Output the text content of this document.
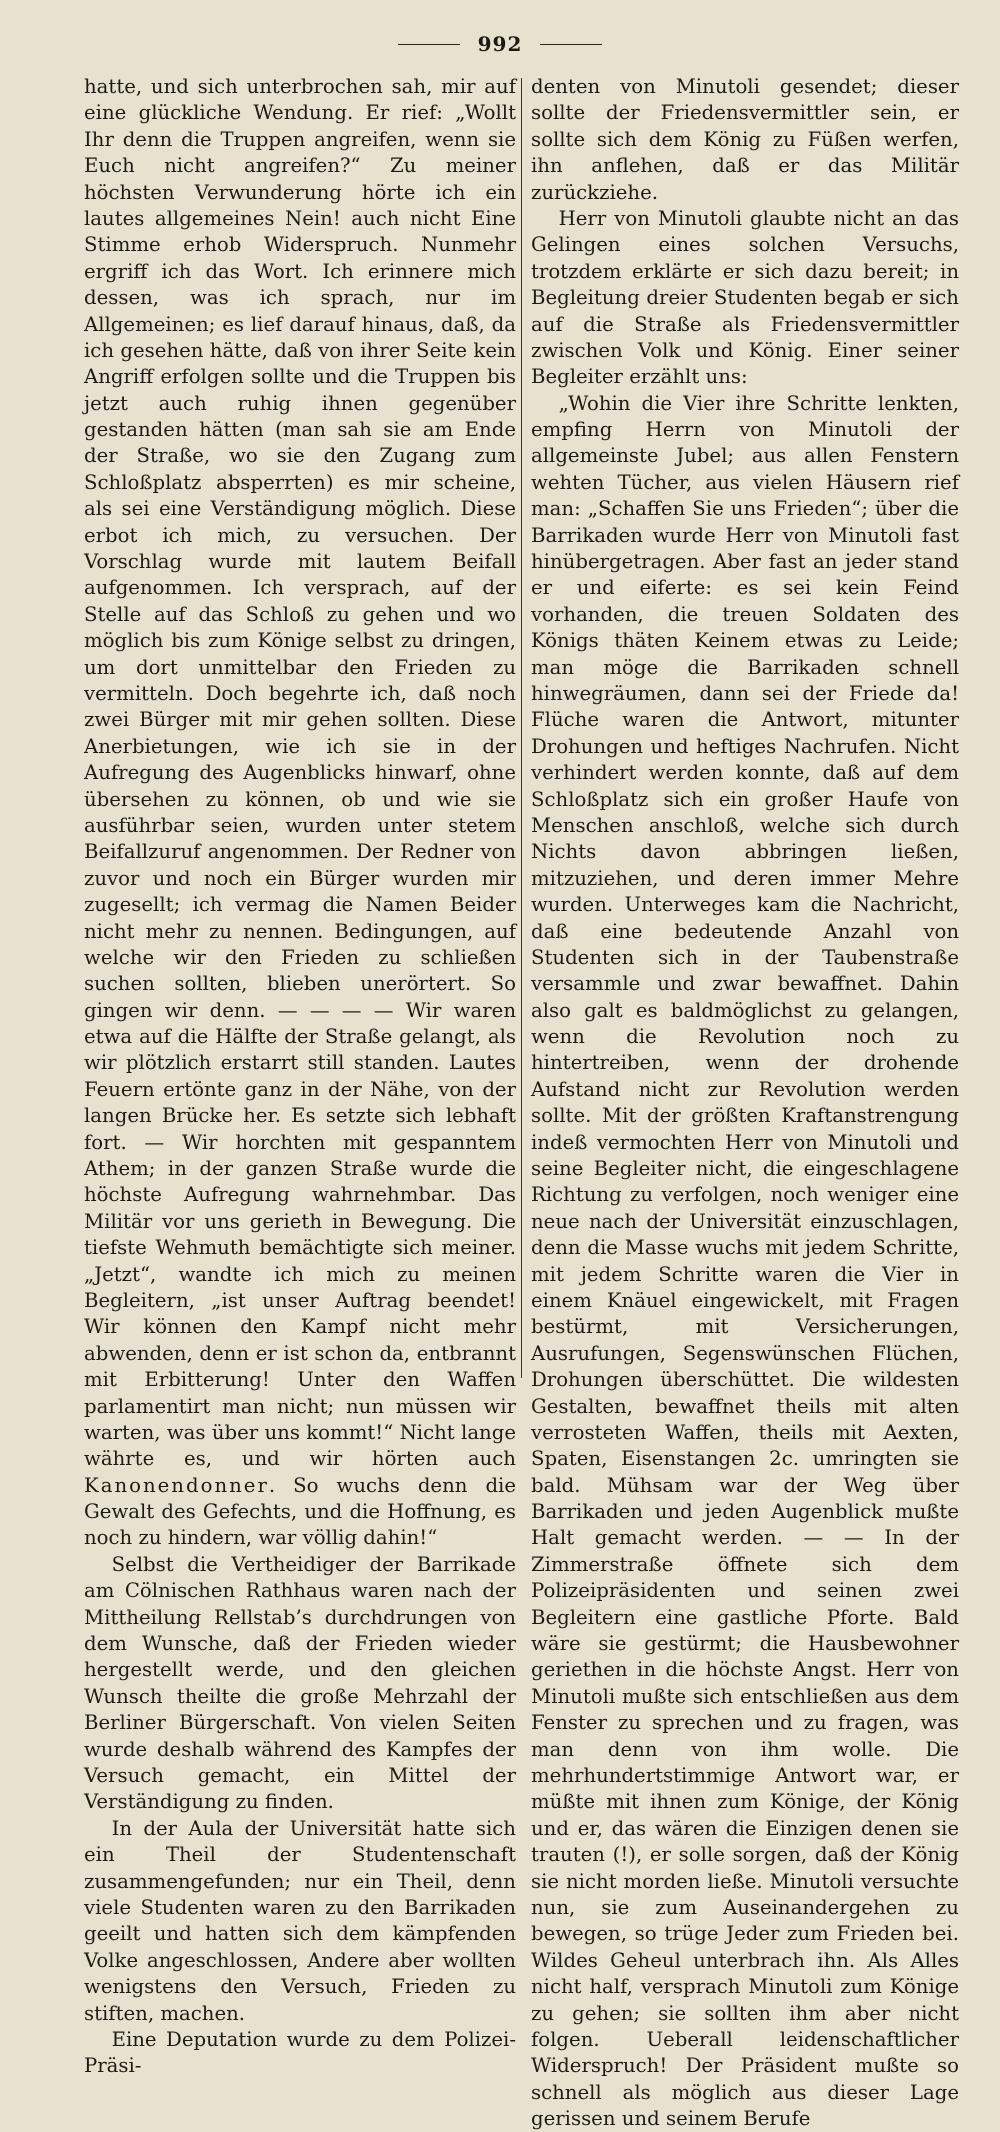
992

hatte, und sich unterbrochen sah, mir auf eine glückliche Wendung. Er rief: „Wollt Ihr denn die Truppen angreifen, wenn sie Euch nicht angreifen?“ Zu meiner höchsten Verwunderung hörte ich ein lautes allgemeines Nein! auch nicht Eine Stimme erhob Widerspruch. Nunmehr ergriff ich das Wort. Ich erinnere mich dessen, was ich sprach, nur im Allgemeinen; es lief darauf hinaus, daß, da ich gesehen hätte, daß von ihrer Seite kein Angriff erfolgen sollte und die Truppen bis jetzt auch ruhig ihnen gegenüber gestanden hätten (man sah sie am Ende der Straße, wo sie den Zugang zum Schloßplatz absperrten) es mir scheine, als sei eine Verständigung möglich. Diese erbot ich mich, zu versuchen. Der Vorschlag wurde mit lautem Beifall aufgenommen. Ich versprach, auf der Stelle auf das Schloß zu gehen und wo möglich bis zum Könige selbst zu dringen, um dort unmittelbar den Frieden zu vermitteln. Doch begehrte ich, daß noch zwei Bürger mit mir gehen sollten. Diese Anerbietungen, wie ich sie in der Aufregung des Augenblicks hinwarf, ohne übersehen zu können, ob und wie sie ausführbar seien, wurden unter stetem Beifallzuruf angenommen. Der Redner von zuvor und noch ein Bürger wurden mir zugesellt; ich vermag die Namen Beider nicht mehr zu nennen. Bedingungen, auf welche wir den Frieden zu schließen suchen sollten, blieben unerörtert. So gingen wir denn. — — — — Wir waren etwa auf die Hälfte der Straße gelangt, als wir plötzlich erstarrt still standen. Lautes Feuern ertönte ganz in der Nähe, von der langen Brücke her. Es setzte sich lebhaft fort. — Wir horchten mit gespanntem Athem; in der ganzen Straße wurde die höchste Aufregung wahrnehmbar. Das Militär vor uns gerieth in Bewegung. Die tiefste Wehmuth bemächtigte sich meiner. „Jetzt“, wandte ich mich zu meinen Begleitern, „ist unser Auftrag beendet! Wir können den Kampf nicht mehr abwenden, denn er ist schon da, entbrannt mit Erbitterung! Unter den Waffen parlamentirt man nicht; nun müssen wir warten, was über uns kommt!“ Nicht lange währte es, und wir hörten auch Kanonendonner. So wuchs denn die Gewalt des Gefechts, und die Hoffnung, es noch zu hindern, war völlig dahin!“

Selbst die Vertheidiger der Barrikade am Cölnischen Rathhaus waren nach der Mittheilung Rellstab’s durchdrungen von dem Wunsche, daß der Frieden wieder hergestellt werde, und den gleichen Wunsch theilte die große Mehrzahl der Berliner Bürgerschaft. Von vielen Seiten wurde deshalb während des Kampfes der Versuch gemacht, ein Mittel der Verständigung zu finden.

In der Aula der Universität hatte sich ein Theil der Studentenschaft zusammengefunden; nur ein Theil, denn viele Studenten waren zu den Barrikaden geeilt und hatten sich dem kämpfenden Volke angeschlossen, Andere aber wollten wenigstens den Versuch, Frieden zu stiften, machen.

Eine Deputation wurde zu dem Polizei-Präsi-

denten von Minutoli gesendet; dieser sollte der Friedensvermittler sein, er sollte sich dem König zu Füßen werfen, ihn anflehen, daß er das Militär zurückziehe.

Herr von Minutoli glaubte nicht an das Gelingen eines solchen Versuchs, trotzdem erklärte er sich dazu bereit; in Begleitung dreier Studenten begab er sich auf die Straße als Friedensvermittler zwischen Volk und König. Einer seiner Begleiter erzählt uns:

„Wohin die Vier ihre Schritte lenkten, empfing Herrn von Minutoli der allgemeinste Jubel; aus allen Fenstern wehten Tücher, aus vielen Häusern rief man: „Schaffen Sie uns Frieden“; über die Barrikaden wurde Herr von Minutoli fast hinübergetragen. Aber fast an jeder stand er und eiferte: es sei kein Feind vorhanden, die treuen Soldaten des Königs thäten Keinem etwas zu Leide; man möge die Barrikaden schnell hinwegräumen, dann sei der Friede da! Flüche waren die Antwort, mitunter Drohungen und heftiges Nachrufen. Nicht verhindert werden konnte, daß auf dem Schloßplatz sich ein großer Haufe von Menschen anschloß, welche sich durch Nichts davon abbringen ließen, mitzuziehen, und deren immer Mehre wurden. Unterweges kam die Nachricht, daß eine bedeutende Anzahl von Studenten sich in der Taubenstraße versammle und zwar bewaffnet. Dahin also galt es baldmöglichst zu gelangen, wenn die Revolution noch zu hintertreiben, wenn der drohende Aufstand nicht zur Revolution werden sollte. Mit der größten Kraftanstrengung indeß vermochten Herr von Minutoli und seine Begleiter nicht, die eingeschlagene Richtung zu verfolgen, noch weniger eine neue nach der Universität einzuschlagen, denn die Masse wuchs mit jedem Schritte, mit jedem Schritte waren die Vier in einem Knäuel eingewickelt, mit Fragen bestürmt, mit Versicherungen, Ausrufungen, Segenswünschen Flüchen, Drohungen überschüttet. Die wildesten Gestalten, bewaffnet theils mit alten verrosteten Waffen, theils mit Aexten, Spaten, Eisenstangen 2c. umringten sie bald. Mühsam war der Weg über Barrikaden und jeden Augenblick mußte Halt gemacht werden. — — In der Zimmerstraße öffnete sich dem Polizeipräsidenten und seinen zwei Begleitern eine gastliche Pforte. Bald wäre sie gestürmt; die Hausbewohner geriethen in die höchste Angst. Herr von Minutoli mußte sich entschließen aus dem Fenster zu sprechen und zu fragen, was man denn von ihm wolle. Die mehrhundertstimmige Antwort war, er müßte mit ihnen zum Könige, der König und er, das wären die Einzigen denen sie trauten (!), er solle sorgen, daß der König sie nicht morden ließe. Minutoli versuchte nun, sie zum Auseinandergehen zu bewegen, so trüge Jeder zum Frieden bei. Wildes Geheul unterbrach ihn. Als Alles nicht half, versprach Minutoli zum Könige zu gehen; sie sollten ihm aber nicht folgen. Ueberall leidenschaftlicher Widerspruch! Der Präsident mußte so schnell als möglich aus dieser Lage gerissen und seinem Berufe
